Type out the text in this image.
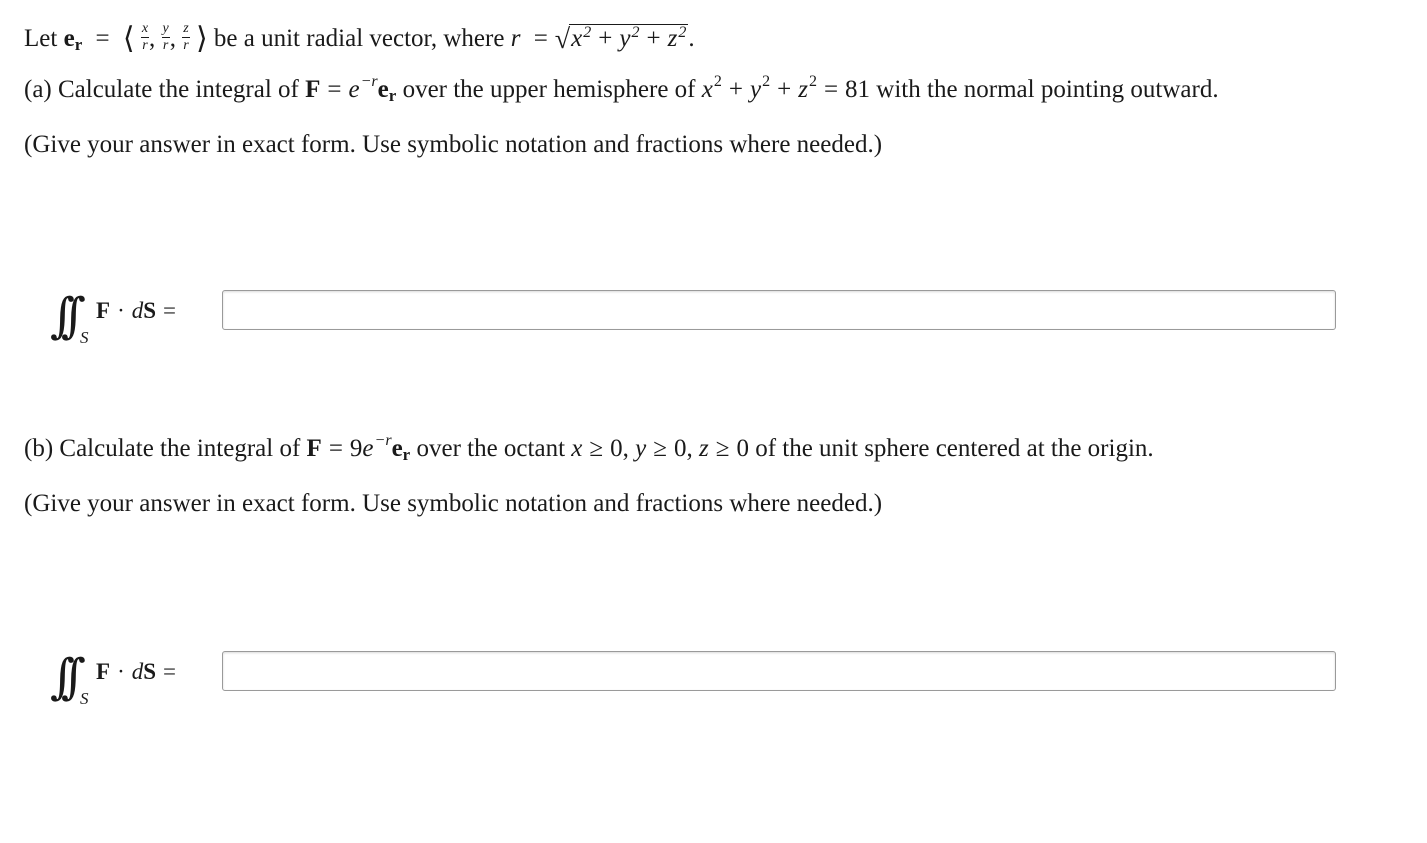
Let er = ⟨ $\frac{x}{r}$ , $\frac{y}{r}$ , $\frac{z}{r}$ ⟩ be a unit radial vector, where $r = √x^2 + y^2 + z^2$.
(a) Calculate the integral of $F = e^{-r}er$ over the upper hemisphere of $x^2 + y^2 + z^2 = 81$ with the normal pointing outward.
(Give your answer in exact form. Use symbolic notation and fractions where needed.)
∫∫ S
F · dS =
(b) Calculate the integral of $F = 9e^{-r}er$ over the octant x ≥ 0, y ≥ 0, z ≥ 0 of the unit sphere centered at the origin.
(Give your answer in exact form. Use symbolic notation and fractions where needed.)
∫∫ S
F · dS =
